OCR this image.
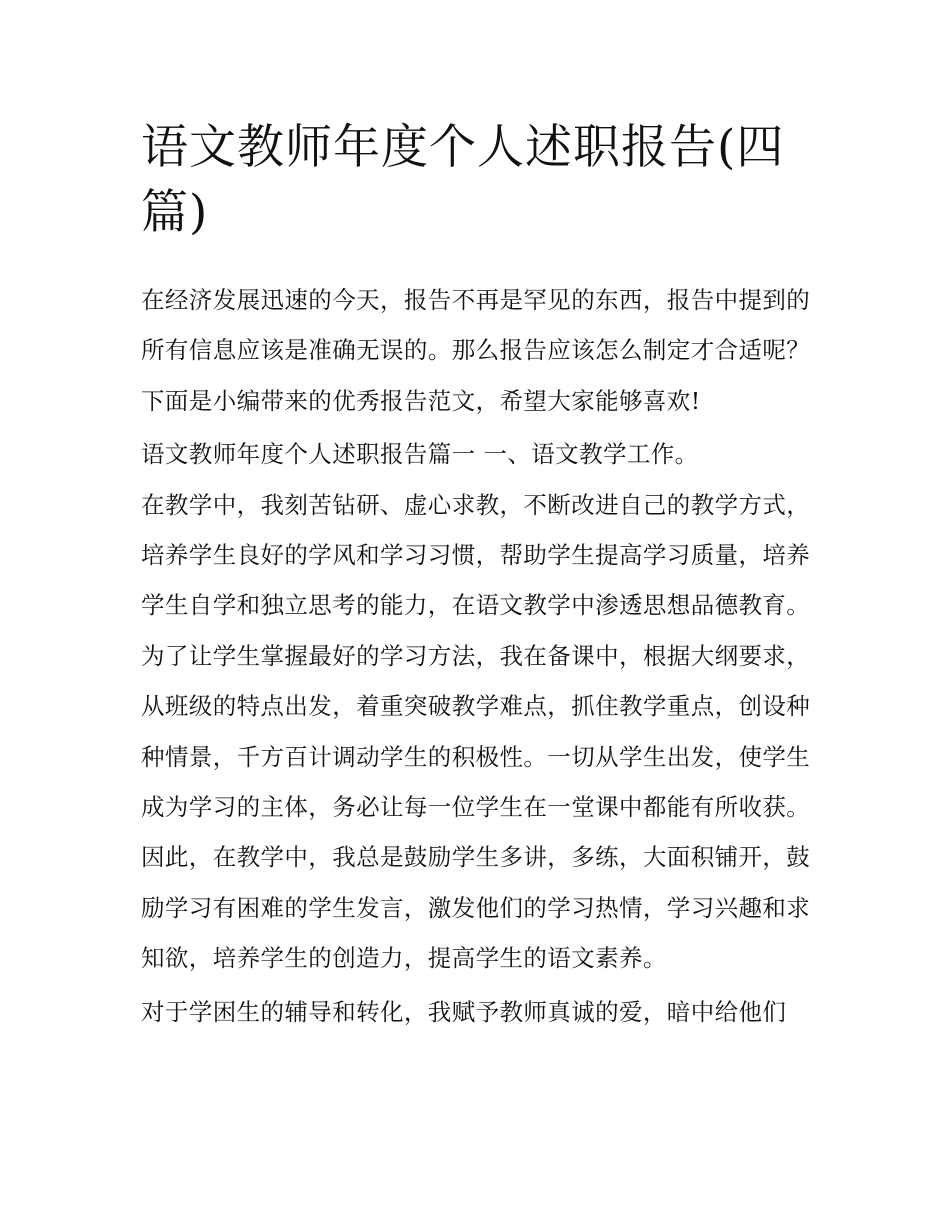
语文教师年度个人述职报告(四篇)

在经济发展迅速的今天，报告不再是罕见的东西，报告中提到的所有信息应该是准确无误的。那么报告应该怎么制定才合适呢？下面是小编带来的优秀报告范文，希望大家能够喜欢!

语文教师年度个人述职报告篇一 一、语文教学工作。

在教学中，我刻苦钻研、虚心求教，不断改进自己的教学方式，培养学生良好的学风和学习习惯，帮助学生提高学习质量，培养学生自学和独立思考的能力，在语文教学中渗透思想品德教育。为了让学生掌握最好的学习方法，我在备课中，根据大纲要求，从班级的特点出发，着重突破教学难点，抓住教学重点，创设种种情景，千方百计调动学生的积极性。一切从学生出发，使学生成为学习的主体，务必让每一位学生在一堂课中都能有所收获。因此，在教学中，我总是鼓励学生多讲，多练，大面积铺开，鼓励学习有困难的学生发言，激发他们的学习热情，学习兴趣和求知欲，培养学生的创造力，提高学生的语文素养。

对于学困生的辅导和转化，我赋予教师真诚的爱，暗中给他们
